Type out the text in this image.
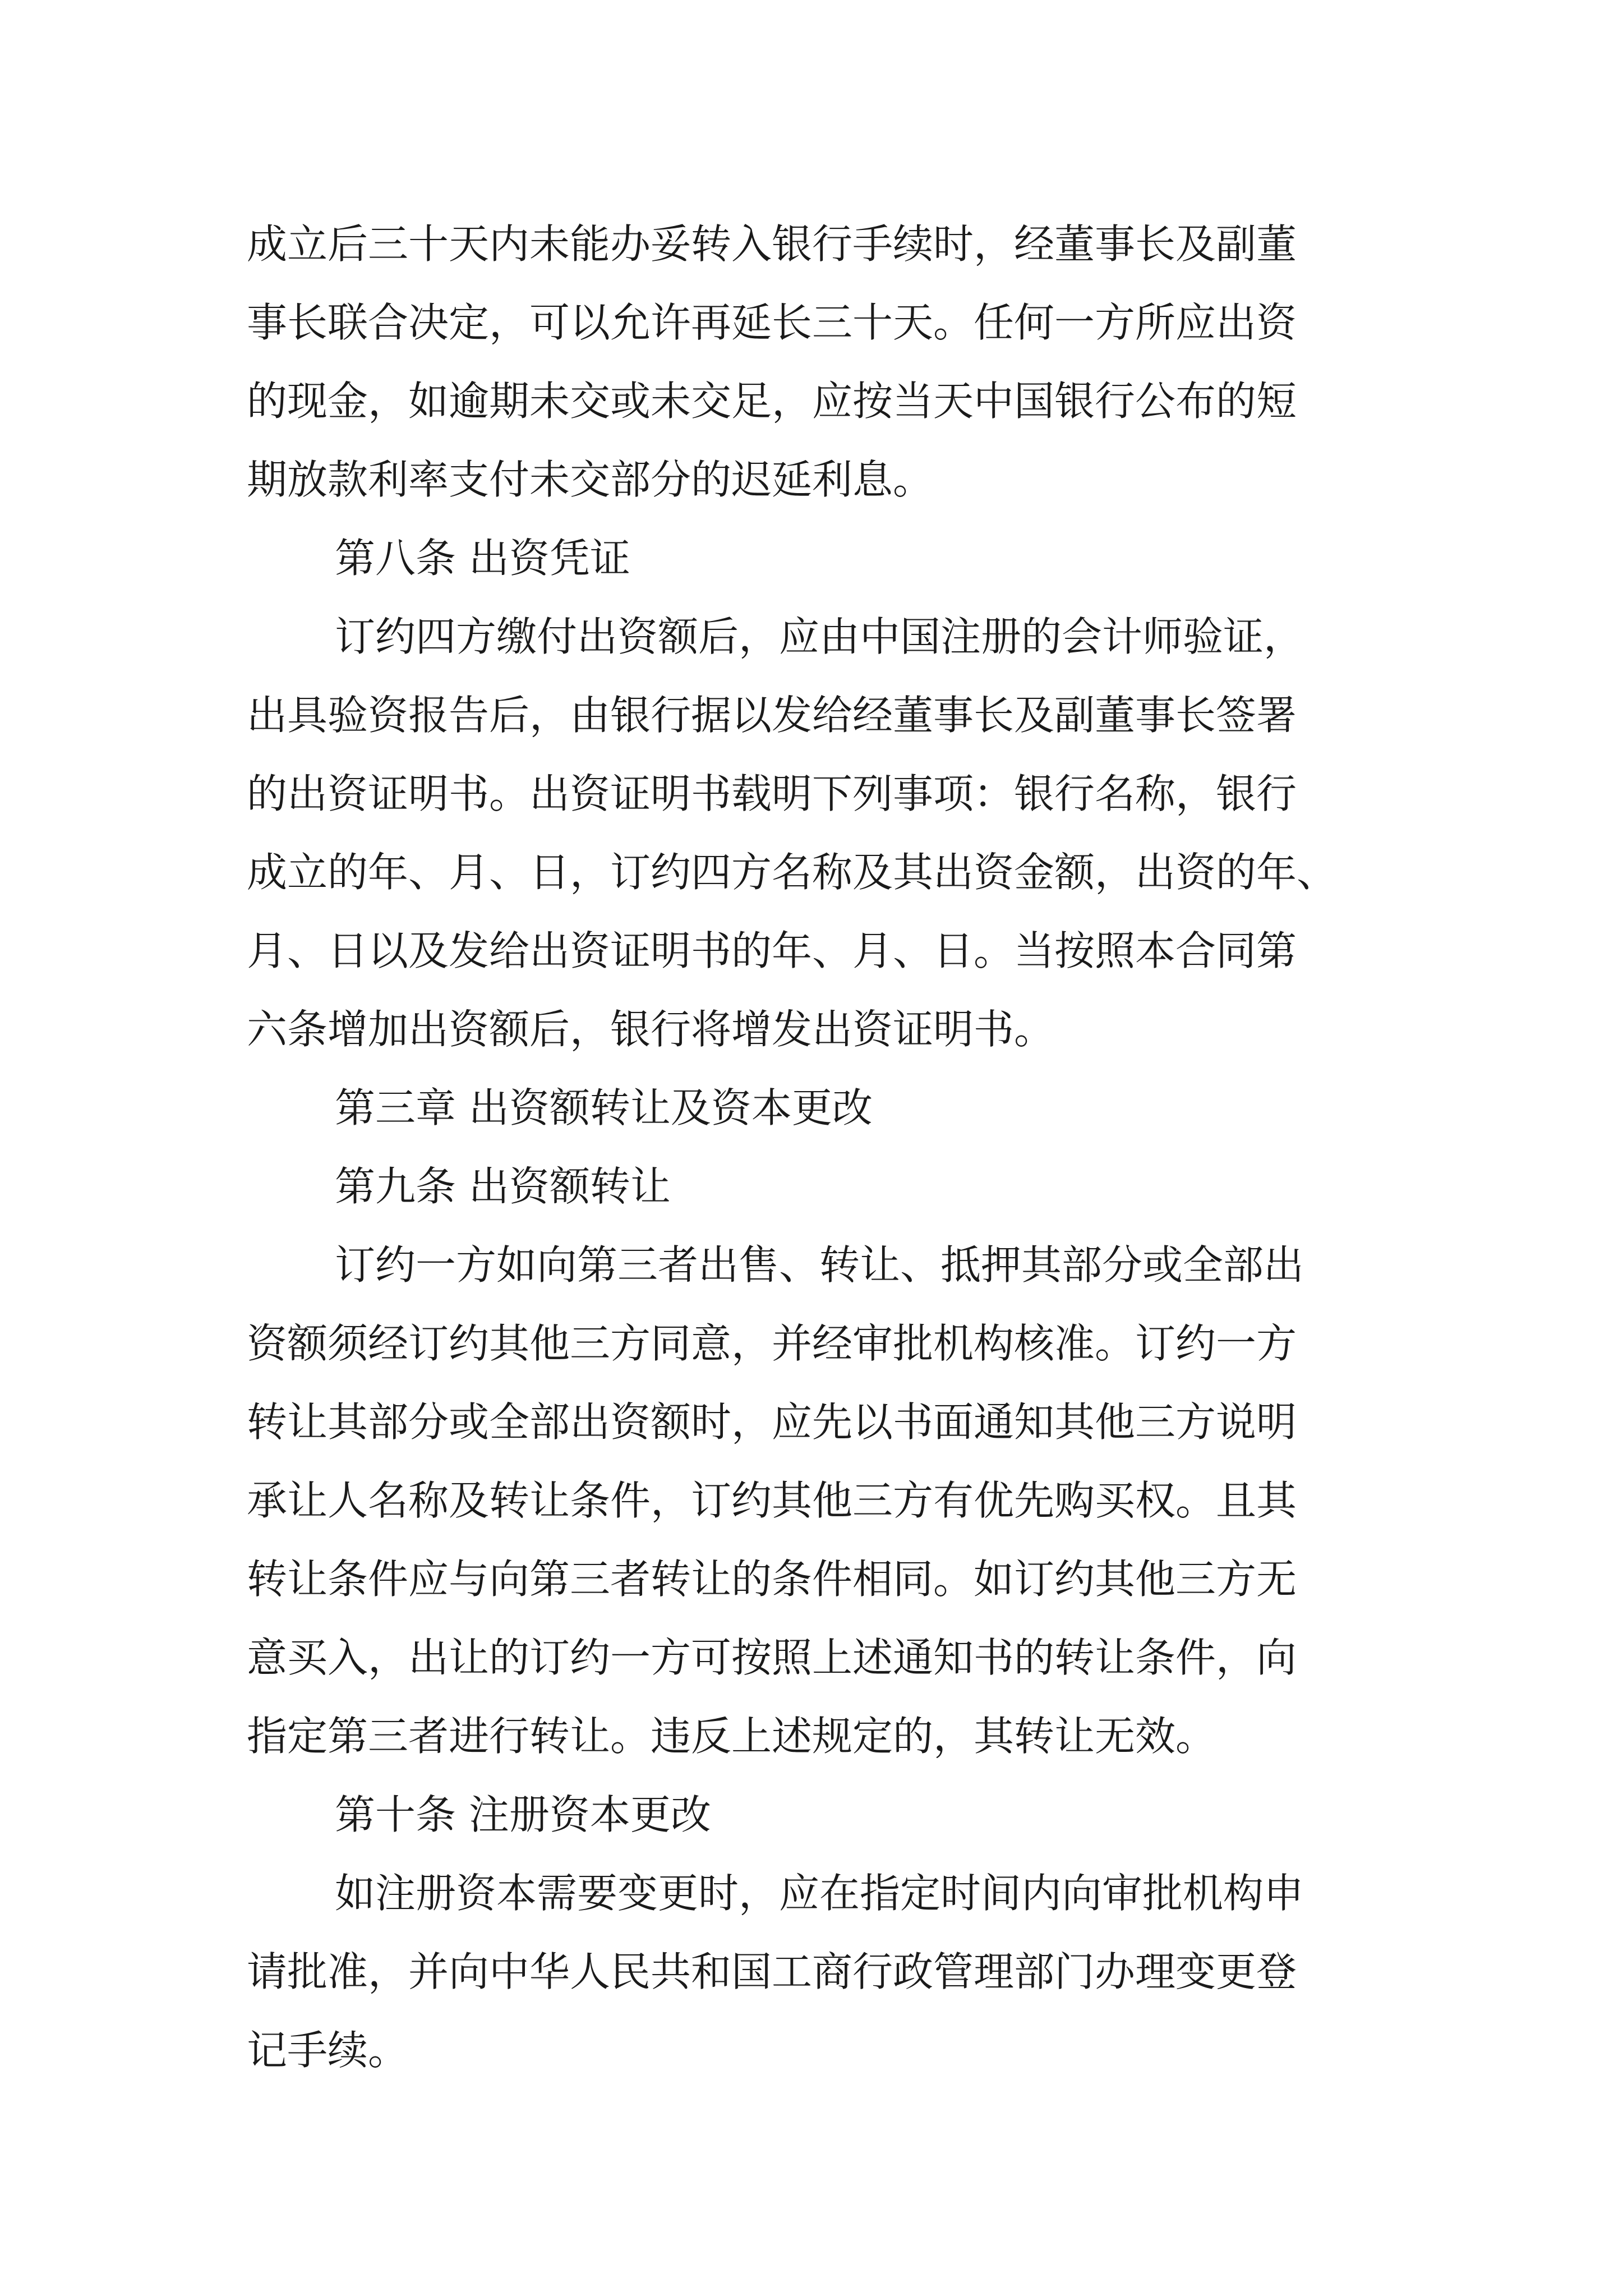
成立后三十天内未能办妥转入银行手续时，经董事长及副董
事长联合决定，可以允许再延长三十天。任何一方所应出资
的现金，如逾期未交或未交足，应按当天中国银行公布的短
期放款利率支付未交部分的迟延利息。
第八条 出资凭证
订约四方缴付出资额后，应由中国注册的会计师验证，
出具验资报告后，由银行据以发给经董事长及副董事长签署
的出资证明书。出资证明书载明下列事项：银行名称，银行
成立的年、月、日，订约四方名称及其出资金额，出资的年、
月、日以及发给出资证明书的年、月、日。当按照本合同第
六条增加出资额后，银行将增发出资证明书。
第三章 出资额转让及资本更改
第九条 出资额转让
订约一方如向第三者出售、转让、抵押其部分或全部出
资额须经订约其他三方同意，并经审批机构核准。订约一方
转让其部分或全部出资额时，应先以书面通知其他三方说明
承让人名称及转让条件，订约其他三方有优先购买权。且其
转让条件应与向第三者转让的条件相同。如订约其他三方无
意买入，出让的订约一方可按照上述通知书的转让条件，向
指定第三者进行转让。违反上述规定的，其转让无效。
第十条 注册资本更改
如注册资本需要变更时，应在指定时间内向审批机构申
请批准，并向中华人民共和国工商行政管理部门办理变更登
记手续。
